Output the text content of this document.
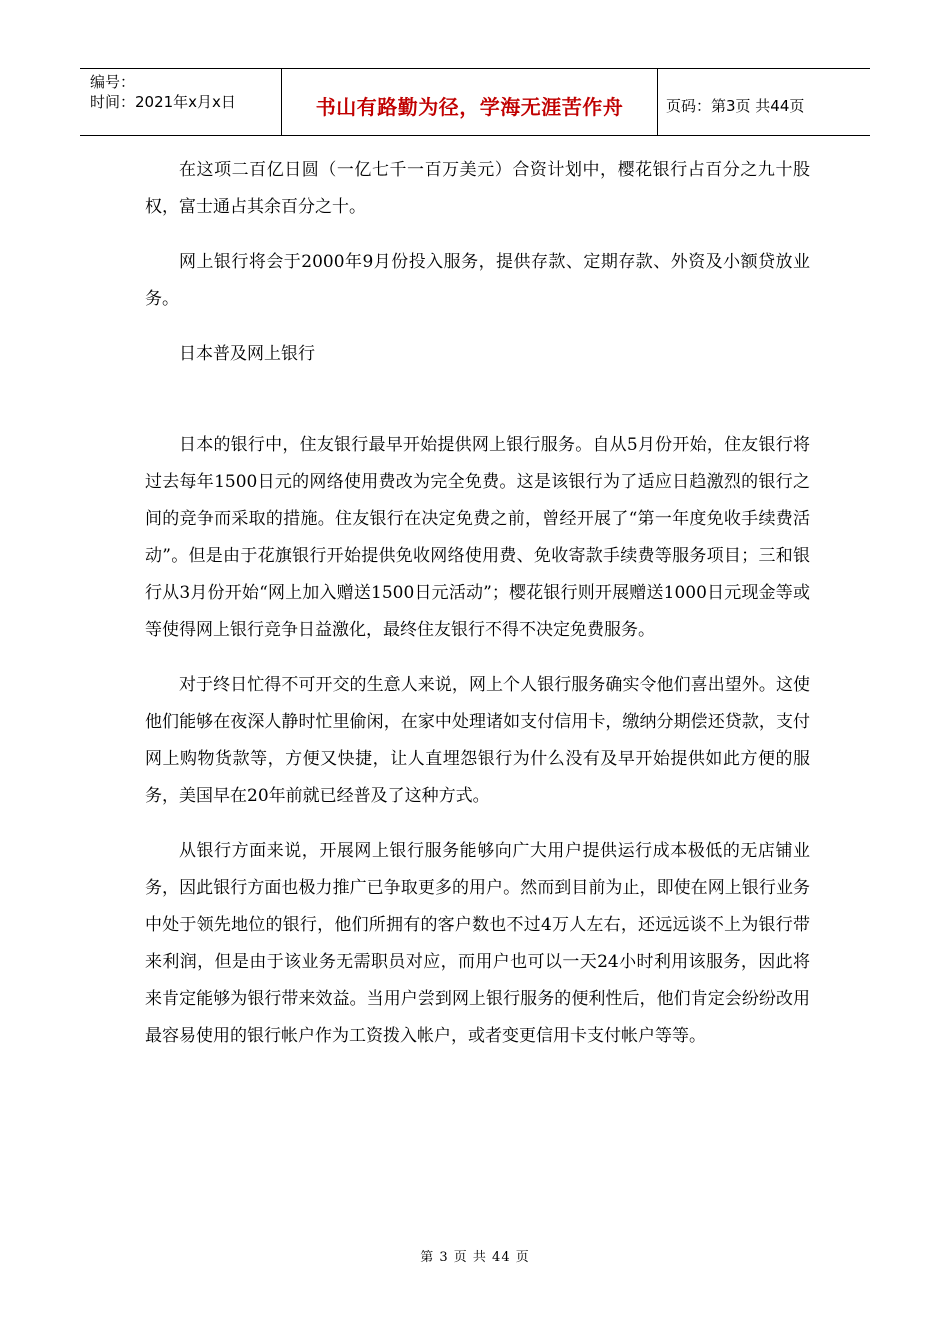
编号：
时间：2021年x月x日	书山有路勤为径，学海无涯苦作舟	页码：第3页 共44页

在这项二百亿日圆（一亿七千一百万美元）合资计划中，樱花银行占百分之九十股权，富士通占其余百分之十。

网上银行将会于2000年9月份投入服务，提供存款、定期存款、外资及小额贷放业务。

日本普及网上银行

日本的银行中，住友银行最早开始提供网上银行服务。自从5月份开始，住友银行将过去每年1500日元的网络使用费改为完全免费。这是该银行为了适应日趋激烈的银行之间的竞争而采取的措施。住友银行在决定免费之前，曾经开展了“第一年度免收手续费活动”。但是由于花旗银行开始提供免收网络使用费、免收寄款手续费等服务项目；三和银行从3月份开始“网上加入赠送1500日元活动”；樱花银行则开展赠送1000日元现金等或等使得网上银行竞争日益激化，最终住友银行不得不决定免费服务。

对于终日忙得不可开交的生意人来说，网上个人银行服务确实令他们喜出望外。这使他们能够在夜深人静时忙里偷闲，在家中处理诸如支付信用卡，缴纳分期偿还贷款，支付网上购物货款等，方便又快捷，让人直埋怨银行为什么没有及早开始提供如此方便的服务，美国早在20年前就已经普及了这种方式。

从银行方面来说，开展网上银行服务能够向广大用户提供运行成本极低的无店铺业务，因此银行方面也极力推广已争取更多的用户。然而到目前为止，即使在网上银行业务中处于领先地位的银行，他们所拥有的客户数也不过4万人左右，还远远谈不上为银行带来利润，但是由于该业务无需职员对应，而用户也可以一天24小时利用该服务，因此将来肯定能够为银行带来效益。当用户尝到网上银行服务的便利性后，他们肯定会纷纷改用最容易使用的银行帐户作为工资拨入帐户，或者变更信用卡支付帐户等等。

第 3 页 共 44 页
